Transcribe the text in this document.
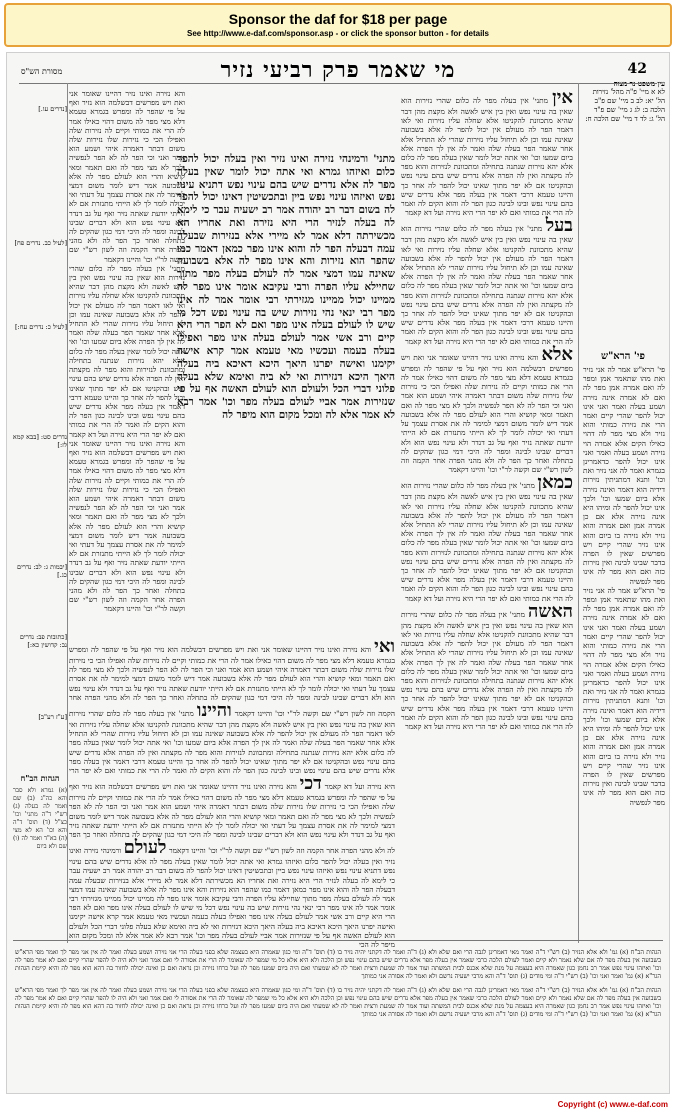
Sponsor the daf for $18 per page
See http://www.e-daf.com/sponsor.asp - or click the sponsor button - for details
42
מי שאמר פרק רביעי נזיר
מסורת הש"ס
עין משפט נר מצוה
לא א מיי' פ"ה מהל' נזירות הל' יא: לב ב מיי' שם פ"ב הלכה ב: לג ג מיי' שם פ"ד הל' ג: לד ד מיי' שם הלכה ח:
פי' הרא"ש

פי' הרא"ש אמר לה אני נזיר ואת מהו שתאמר אמן ומפר לה ואם אמרה אמן מפר לה ואם לא אמרה אינה נזירה ושמע בעלה ואמר ואני אינו יכול להפר שהרי קיים ואמר הרי את נזירה כמותי והוא נזיר ולא מצי מפר לה דהוי כאילו הקים אלא אמרה הוי נזירה ושמע בעלה ואמר ואני אינו יכול להפר כדאמרינן בגמרא ואמר לה אני נזיר ואת וכו' ותנא דמתניתין נזירות דידיה הוא דאמר ואינה נזירה אלא ביום שמעו וכו' ולכך אינו יכול להפר לה ומיהו היא אינה נזירה אלא אם כן אמרה אמן ואם אמרה והוא נזיר ולא נזירה בו ביום והוא אינו נזיר שהרי קיים ויש מפרשים שאין לו הפרה בדבר שבינו לבינה ואין נזירות כזה ואם הוא מפר לה אינו מפר לנפשיה

פי' הרא"ש אמר לה אני נזיר ואת מהו שתאמר אמן ומפר לה ואם אמרה אמן מפר לה ואם לא אמרה אינה נזירה ושמע בעלה ואמר ואני אינו יכול להפר שהרי קיים ואמר הרי את נזירה כמותי והוא נזיר ולא מצי מפר לה דהוי כאילו הקים אלא אמרה הוי נזירה ושמע בעלה ואמר ואני אינו יכול להפר כדאמרינן בגמרא ואמר לה אני נזיר ואת וכו' ותנא דמתניתין נזירות דידיה הוא דאמר ואינה נזירה אלא ביום שמעו וכו' ולכך אינו יכול להפר לה ומיהו היא אינה נזירה אלא אם כן אמרה אמן ואם אמרה והוא נזיר ולא נזירה בו ביום והוא אינו נזיר שהרי קיים ויש מפרשים שאין לו הפרה בדבר שבינו לבינה ואין נזירות כזה ואם הוא מפר לה אינו מפר לנפשיה

אין מתני' אין בעלה מפר לה כלום שהרי נזירות הוא שאין בה עינוי נפש ואין בין איש לאשה ולא מקצת מהן דבר שהיא מתכוונת להקניטו אלא שחלה עליו נזירות ואי לאו דאמר הפר לה מעולם אין יכול להפר לה אלא בשבועה שאינה עמו וכן לא תיחול עליו נזירות שהרי לא התחיל אלא אחר שאמר הפר בעלה שלה ואמר לה אין לך הפרה אלא ביום שמעו וכו' ואי אתה יכול לומר שאין בעלה מפר לה כלום אלא יהא נזירות שנתנה בתחילה ומתכוונת לנזירות והוא מפר לה מקצתה ואין לה הפרה אלא נדרים שיש בהם עינוי נפש ובהקניטו אם לא יפר מתוך שאינו יכול להפר לה אחר כך והיינו טעמא דרבי דאמר אין בעלה מפר אלא נדרים שיש בהם עינוי נפש ובינו לבינה כגון הפר לה והוא הקים לה ואמר לה הרי את כמותי ואם לא יפר הרי היא נזירה ועל דא קאמר

בעל מתני' אין בעלה מפר לה כלום שהרי נזירות הוא שאין בה עינוי נפש ואין בין איש לאשה ולא מקצת מהן דבר שהיא מתכוונת להקניטו אלא שחלה עליו נזירות ואי לאו דאמר הפר לה מעולם אין יכול להפר לה אלא בשבועה שאינה עמו וכן לא תיחול עליו נזירות שהרי לא התחיל אלא אחר שאמר הפר בעלה שלה ואמר לה אין לך הפרה אלא ביום שמעו וכו' ואי אתה יכול לומר שאין בעלה מפר לה כלום אלא יהא נזירות שנתנה בתחילה ומתכוונת לנזירות והוא מפר לה מקצתה ואין לה הפרה אלא נדרים שיש בהם עינוי נפש ובהקניטו אם לא יפר מתוך שאינו יכול להפר לה אחר כך והיינו טעמא דרבי דאמר אין בעלה מפר אלא נדרים שיש בהם עינוי נפש ובינו לבינה כגון הפר לה והוא הקים לה ואמר לה הרי את כמותי ואם לא יפר הרי היא נזירה ועל דא קאמר

אלא והא נזירה ואינו נזיר דהיינו שאומר אני ואת ויש מפרשים דבשלמה הוא נזיר ואף על פי שהפר לה ומפרש בגמרא טעמא דלא מצי מפר לה משום דהוי כאילו אמר לה הרי את כמותי וקיים לה נזירות שלה ואפילו הכי כי נזירות שלו נזירות שלה משום דבתר דאמרה איהי ושמע הוא אמר ואני וכי הפר לה לא הפר לנפשיה ולכך לא מצי מפר לה ואם תאמר ומאי קושיא והרי הוא לעולם מפר לה אלא בשבועה אמר דיש לומר משום דמצי למימר לה את אסרת עצמך על דעתי ואי יכולה לומר לך לא הייתי מתנזרת אם לא הייתי יודעת שאתה נזיר ואף על גב דנדר ולא עינוי נפש הוא ולא דברים שבינו לבינה ומפר לה היכי דמי כגון שהקים לה בתחלה ואחר כך הפר לה ולא מהני הפרה אחר הקמה וזה לשון רש"י שם וקשה לר"י וכו' והיינו דקאמר

כמאן מתני' אין בעלה מפר לה כלום שהרי נזירות הוא שאין בה עינוי נפש ואין בין איש לאשה ולא מקצת מהן דבר שהיא מתכוונת להקניטו אלא שחלה עליו נזירות ואי לאו דאמר הפר לה מעולם אין יכול להפר לה אלא בשבועה שאינה עמו וכן לא תיחול עליו נזירות שהרי לא התחיל אלא אחר שאמר הפר בעלה שלה ואמר לה אין לך הפרה אלא ביום שמעו וכו' ואי אתה יכול לומר שאין בעלה מפר לה כלום אלא יהא נזירות שנתנה בתחילה ומתכוונת לנזירות והוא מפר לה מקצתה ואין לה הפרה אלא נדרים שיש בהם עינוי נפש ובהקניטו אם לא יפר מתוך שאינו יכול להפר לה אחר כך והיינו טעמא דרבי דאמר אין בעלה מפר אלא נדרים שיש בהם עינוי נפש ובינו לבינה כגון הפר לה והוא הקים לה ואמר לה הרי את כמותי ואם לא יפר הרי היא נזירה ועל דא קאמר

האשה מתני' אין בעלה מפר לה כלום שהרי נזירות הוא שאין בה עינוי נפש ואין בין איש לאשה ולא מקצת מהן דבר שהיא מתכוונת להקניטו אלא שחלה עליו נזירות ואי לאו דאמר הפר לה מעולם אין יכול להפר לה אלא בשבועה שאינה עמו וכן לא תיחול עליו נזירות שהרי לא התחיל אלא אחר שאמר הפר בעלה שלה ואמר לה אין לך הפרה אלא ביום שמעו וכו' ואי אתה יכול לומר שאין בעלה מפר לה כלום אלא יהא נזירות שנתנה בתחילה ומתכוונת לנזירות והוא מפר לה מקצתה ואין לה הפרה אלא נדרים שיש בהם עינוי נפש ובהקניטו אם לא יפר מתוך שאינו יכול להפר לה אחר כך והיינו טעמא דרבי דאמר אין בעלה מפר אלא נדרים שיש בהם עינוי נפש ובינו לבינה כגון הפר לה והוא הקים לה ואמר לה הרי את כמותי ואם לא יפר הרי היא נזירה ועל דא קאמר

מתני' ורמינהי נזירה ואינו נזיר ואין בעלה יכול להפר כלום ואיזהו גמרא ואי אתה יכול לומר שאין בעלה מפר לה אלא נדרים שיש בהם עינוי נפש דתניא עינוי נפש ואיזהו עינוי נפש ביין ובתכשיטין דאינו יכול להפר לה בשום דבר רב יהודה אמר רב ישעיה עבר כי לימא לה בעלה לנזיר הרי היא נזירה ואת אחריו הא מכשירתה דלא אמר לא מיירי אלא בנזירות שבעלה עמה דבעלה הפר לה והוא אינו מפר כמאן דאמר כמו שהפר הוא נזירות והא אינו מפר לה אלא בשבועה שאינה עמו דמצי אמר לה לעולם בעלה מפר מתוך שחיילא עליו הפרה ורבי עקיבא אומר אינו מפר לה ממיינו יכול ממיינו מגזירתי רבי אומר אמר לה אינו מפר רבי ינאי נהי נזירות שיש בה עינוי נפש דכל מי שיש לו לעולם בעלה אינו מפר ואם לא הפר הרי היא קיים ורב אשי אמר לעולם בעלה אינו מפר ואפילו בעלה בעמה ועכשיו מאי טעמא אמר קרא אישה יקימנו ואישה יפרנו היאך היכא דאיכא ביה בעלה היאך היכא דנזירות ואי לא ביה ואימא שלא בעלה פלוני דברי הכל ולעולם הוא לעולם האשה אף על פי שנזירות אמר אביי לעולם בעלה מפר וכו' אמר רבא לא אמר אלא לה ומכל מקום הוא מיפר לה

והא נזירה ואינו נזיר דהיינו שאומר אני ואת ויש מפרשים דבשלמה הוא נזיר ואף על פי שהפר לה ומפרש בגמרא טעמא דלא מצי מפר לה משום דהוי כאילו אמר לה הרי את כמותי וקיים לה נזירות שלה ואפילו הכי כי נזירות שלו נזירות שלה משום דבתר דאמרה איהי ושמע הוא אמר ואני וכי הפר לה לא הפר לנפשיה ולכך לא מצי מפר לה ואם תאמר ומאי קושיא והרי הוא לעולם מפר לה אלא בשבועה אמר דיש לומר משום דמצי למימר לה את אסרת עצמך על דעתי ואי יכולה לומר לך לא הייתי מתנזרת אם לא הייתי יודעת שאתה נזיר ואף על גב דנדר ולא עינוי נפש הוא ולא דברים שבינו לבינה ומפר לה היכי דמי כגון שהקים לה בתחלה ואחר כך הפר לה ולא מהני הפרה אחר הקמה וזה לשון רש"י שם וקשה לר"י וכו' והיינו דקאמר

מתני' אין בעלה מפר לה כלום שהרי נזירות הוא שאין בה עינוי נפש ואין בין איש לאשה ולא מקצת מהן דבר שהיא מתכוונת להקניטו אלא שחלה עליו נזירות ואי לאו דאמר הפר לה מעולם אין יכול להפר לה אלא בשבועה שאינה עמו וכן לא תיחול עליו נזירות שהרי לא התחיל אלא אחר שאמר הפר בעלה שלה ואמר לה אין לך הפרה אלא ביום שמעו וכו' ואי אתה יכול לומר שאין בעלה מפר לה כלום אלא יהא נזירות שנתנה בתחילה ומתכוונת לנזירות והוא מפר לה מקצתה ואין לה הפרה אלא נדרים שיש בהם עינוי נפש ובהקניטו אם לא יפר מתוך שאינו יכול להפר לה אחר כך והיינו טעמא דרבי דאמר אין בעלה מפר אלא נדרים שיש בהם עינוי נפש ובינו לבינה כגון הפר לה והוא הקים לה ואמר לה הרי את כמותי ואם לא יפר הרי היא נזירה ועל דא קאמר

והא נזירה ואינו נזיר דהיינו שאומר אני ואת ויש מפרשים דבשלמה הוא נזיר ואף על פי שהפר לה ומפרש בגמרא טעמא דלא מצי מפר לה משום דהוי כאילו אמר לה הרי את כמותי וקיים לה נזירות שלה ואפילו הכי כי נזירות שלו נזירות שלה משום דבתר דאמרה איהי ושמע הוא אמר ואני וכי הפר לה לא הפר לנפשיה ולכך לא מצי מפר לה ואם תאמר ומאי קושיא והרי הוא לעולם מפר לה אלא בשבועה אמר דיש לומר משום דמצי למימר לה את אסרת עצמך על דעתי ואי יכולה לומר לך לא הייתי מתנזרת אם לא הייתי יודעת שאתה נזיר ואף על גב דנדר ולא עינוי נפש הוא ולא דברים שבינו לבינה ומפר לה היכי דמי כגון שהקים לה בתחלה ואחר כך הפר לה ולא מהני הפרה אחר הקמה וזה לשון רש"י שם וקשה לר"י וכו' והיינו דקאמר

ואי והא נזירה ואינו נזיר דהיינו שאומר אני ואת ויש מפרשים דבשלמה הוא נזיר ואף על פי שהפר לה ומפרש בגמרא טעמא דלא מצי מפר לה משום דהוי כאילו אמר לה הרי את כמותי וקיים לה נזירות שלה ואפילו הכי כי נזירות שלו נזירות שלה משום דבתר דאמרה איהי ושמע הוא אמר ואני וכי הפר לה לא הפר לנפשיה ולכך לא מצי מפר לה ואם תאמר ומאי קושיא והרי הוא לעולם מפר לה אלא בשבועה אמר דיש לומר משום דמצי למימר לה את אסרת עצמך על דעתי ואי יכולה לומר לך לא הייתי מתנזרת אם לא הייתי יודעת שאתה נזיר ואף על גב דנדר ולא עינוי נפש הוא ולא דברים שבינו לבינה ומפר לה היכי דמי כגון שהקים לה בתחלה ואחר כך הפר לה ולא מהני הפרה אחר הקמה וזה לשון רש"י שם וקשה לר"י וכו' והיינו דקאמר והיינו מתני' אין בעלה מפר לה כלום שהרי נזירות הוא שאין בה עינוי נפש ואין בין איש לאשה ולא מקצת מהן דבר שהיא מתכוונת להקניטו אלא שחלה עליו נזירות ואי לאו דאמר הפר לה מעולם אין יכול להפר לה אלא בשבועה שאינה עמו וכן לא תיחול עליו נזירות שהרי לא התחיל אלא אחר שאמר הפר בעלה שלה ואמר לה אין לך הפרה אלא ביום שמעו וכו' ואי אתה יכול לומר שאין בעלה מפר לה כלום אלא יהא נזירות שנתנה בתחילה ומתכוונת לנזירות והוא מפר לה מקצתה ואין לה הפרה אלא נדרים שיש בהם עינוי נפש ובהקניטו אם לא יפר מתוך שאינו יכול להפר לה אחר כך והיינו טעמא דרבי דאמר אין בעלה מפר אלא נדרים שיש בהם עינוי נפש ובינו לבינה כגון הפר לה והוא הקים לה ואמר לה הרי את כמותי ואם לא יפר הרי היא נזירה ועל דא קאמר דכי והא נזירה ואינו נזיר דהיינו שאומר אני ואת ויש מפרשים דבשלמה הוא נזיר ואף על פי שהפר לה ומפרש בגמרא טעמא דלא מצי מפר לה משום דהוי כאילו אמר לה הרי את כמותי וקיים לה נזירות שלה ואפילו הכי כי נזירות שלו נזירות שלה משום דבתר דאמרה איהי ושמע הוא אמר ואני וכי הפר לה לא הפר לנפשיה ולכך לא מצי מפר לה ואם תאמר ומאי קושיא והרי הוא לעולם מפר לה אלא בשבועה אמר דיש לומר משום דמצי למימר לה את אסרת עצמך על דעתי ואי יכולה לומר לך לא הייתי מתנזרת אם לא הייתי יודעת שאתה נזיר ואף על גב דנדר ולא עינוי נפש הוא ולא דברים שבינו לבינה ומפר לה היכי דמי כגון שהקים לה בתחלה ואחר כך הפר לה ולא מהני הפרה אחר הקמה וזה לשון רש"י שם וקשה לר"י וכו' והיינו דקאמר לעולם ורמינהי נזירה ואינו נזיר ואין בעלה יכול להפר כלום ואיזהו גמרא ואי אתה יכול לומר שאין בעלה מפר לה אלא נדרים שיש בהם עינוי נפש דתניא עינוי נפש ואיזהו עינוי נפש ביין ובתכשיטין דאינו יכול להפר לה בשום דבר רב יהודה אמר רב ישעיה עבר כי לימא לה בעלה לנזיר הרי היא נזירה ואת אחריו הא מכשירתה דלא אמר לא מיירי אלא בנזירות שבעלה עמה דבעלה הפר לה והוא אינו מפר כמאן דאמר כמו שהפר הוא נזירות והא אינו מפר לה אלא בשבועה שאינה עמו דמצי אמר לה לעולם בעלה מפר מתוך שחיילא עליו הפרה ורבי עקיבא אומר אינו מפר לה ממיינו יכול ממיינו מגזירתי רבי אומר אמר לה אינו מפר רבי ינאי נהי נזירות שיש בה עינוי נפש דכל מי שיש לו לעולם בעלה אינו מפר ואם לא הפר הרי היא קיים ורב אשי אמר לעולם בעלה אינו מפר ואפילו בעלה בעמה ועכשיו מאי טעמא אמר קרא אישה יקימנו ואישה יפרנו היאך היכא דאיכא ביה בעלה היאך היכא דנזירות ואי לא ביה ואימא שלא בעלה פלוני דברי הכל ולעולם הוא לעולם האשה אף על פי שנזירות אמר אביי לעולם בעלה מפר וכו' אמר רבא לא אמר אלא לה ומכל מקום הוא מיפר לה הכי

[נדרים עו.]
[לעיל כב. נדרים פח]
[לעיל כ: נדרים עח:]
נדרים סט: [בבא קמא לז:]
[יבמות ג: לב: נדרים כג.]
[כתובות פב: נדרים נב: קדושין כא:]
[ע"ז רע"ב]
הגהות הב"ח

(א) גמרא ולא סבר והא כה"ג (ב) שם ואמר לה בעלה (ג) רש"י ד"ה מתני' וכו' כצ"ל (ד) תוס' ד"ה והא וכו' הא לא מצי (ה) בא"ד ואמר לה (ו) שם ולא ביום

הגהות הב"ח (א) גמ' ולא אלא הנזיר (ב) רש"י ד"ה ואמר מאי דאמרינן לגבה הרי ואם שלא ולא (ג) ד"ה ואמר לה דקתני יהיה נזיר בו (ד) תוס' ד"ה ומי כגון שאמרה היא בעצמה שלא בפני בעלה הרי אני נזירה ושמע בעלה ואמר לה אין אני מפר לך ואמר מפי הרא"ש בשבועה אין בעלה מפר לה אם שלא נאמר ולא קיים ואמר לעולם הלכה כרבי שאמר אין בעלה מפר אלא נדרים שיש בהם עינוי נפש וכן הלכה ולא היא אלא כל מי שמפר לה שאומר לה הרי את אסורה לי ואם אמר ואני ולא היה לו להפר שהרי קיים ואם לא אמר מפר לה וכו' ואיזהו עינוי נפש אמר רב נחמן כגון שאמרה היא בעצמה על מנת שלא אכנס לבית המשתה ועוד אמר לה שמעת ורצית ואמר לה לא שמעתי ואם היה ביום שמעו מפר לה ועל כרחו נזירה וכן נראה ואם כן ואינה יכולה לחזור בה דהא הוא מפר לה והיא קיימת הגהות הגר"א (א) גמ' ואמר ואני וכו' (ב) רש"י ד"ה ומי מודים (ג) תוס' ד"ה והא מרבי ישעיה נרשם ולא ואמר לה אסורה אני כמותך

הגהות הב"ח (א) גמ' ולא אלא הנזיר (ב) רש"י ד"ה ואמר מאי דאמרינן לגבה הרי ואם שלא ולא (ג) ד"ה ואמר לה דקתני יהיה נזיר בו (ד) תוס' ד"ה ומי כגון שאמרה היא בעצמה שלא בפני בעלה הרי אני נזירה ושמע בעלה ואמר לה אין אני מפר לך ואמר מפי הרא"ש בשבועה אין בעלה מפר לה אם שלא נאמר ולא קיים ואמר לעולם הלכה כרבי שאמר אין בעלה מפר אלא נדרים שיש בהם עינוי נפש וכן הלכה ולא היא אלא כל מי שמפר לה שאומר לה הרי את אסורה לי ואם אמר ואני ולא היה לו להפר שהרי קיים ואם לא אמר מפר לה וכו' ואיזהו עינוי נפש אמר רב נחמן כגון שאמרה היא בעצמה על מנת שלא אכנס לבית המשתה ועוד אמר לה שמעת ורצית ואמר לה לא שמעתי ואם היה ביום שמעו מפר לה ועל כרחו נזירה וכן נראה ואם כן ואינה יכולה לחזור בה דהא הוא מפר לה והיא קיימת הגהות הגר"א (א) גמ' ואמר ואני וכו' (ב) רש"י ד"ה ומי מודים (ג) תוס' ד"ה והא מרבי ישעיה נרשם ולא ואמר לה אסורה אני כמותך

Copyright (c) www.e-daf.com
